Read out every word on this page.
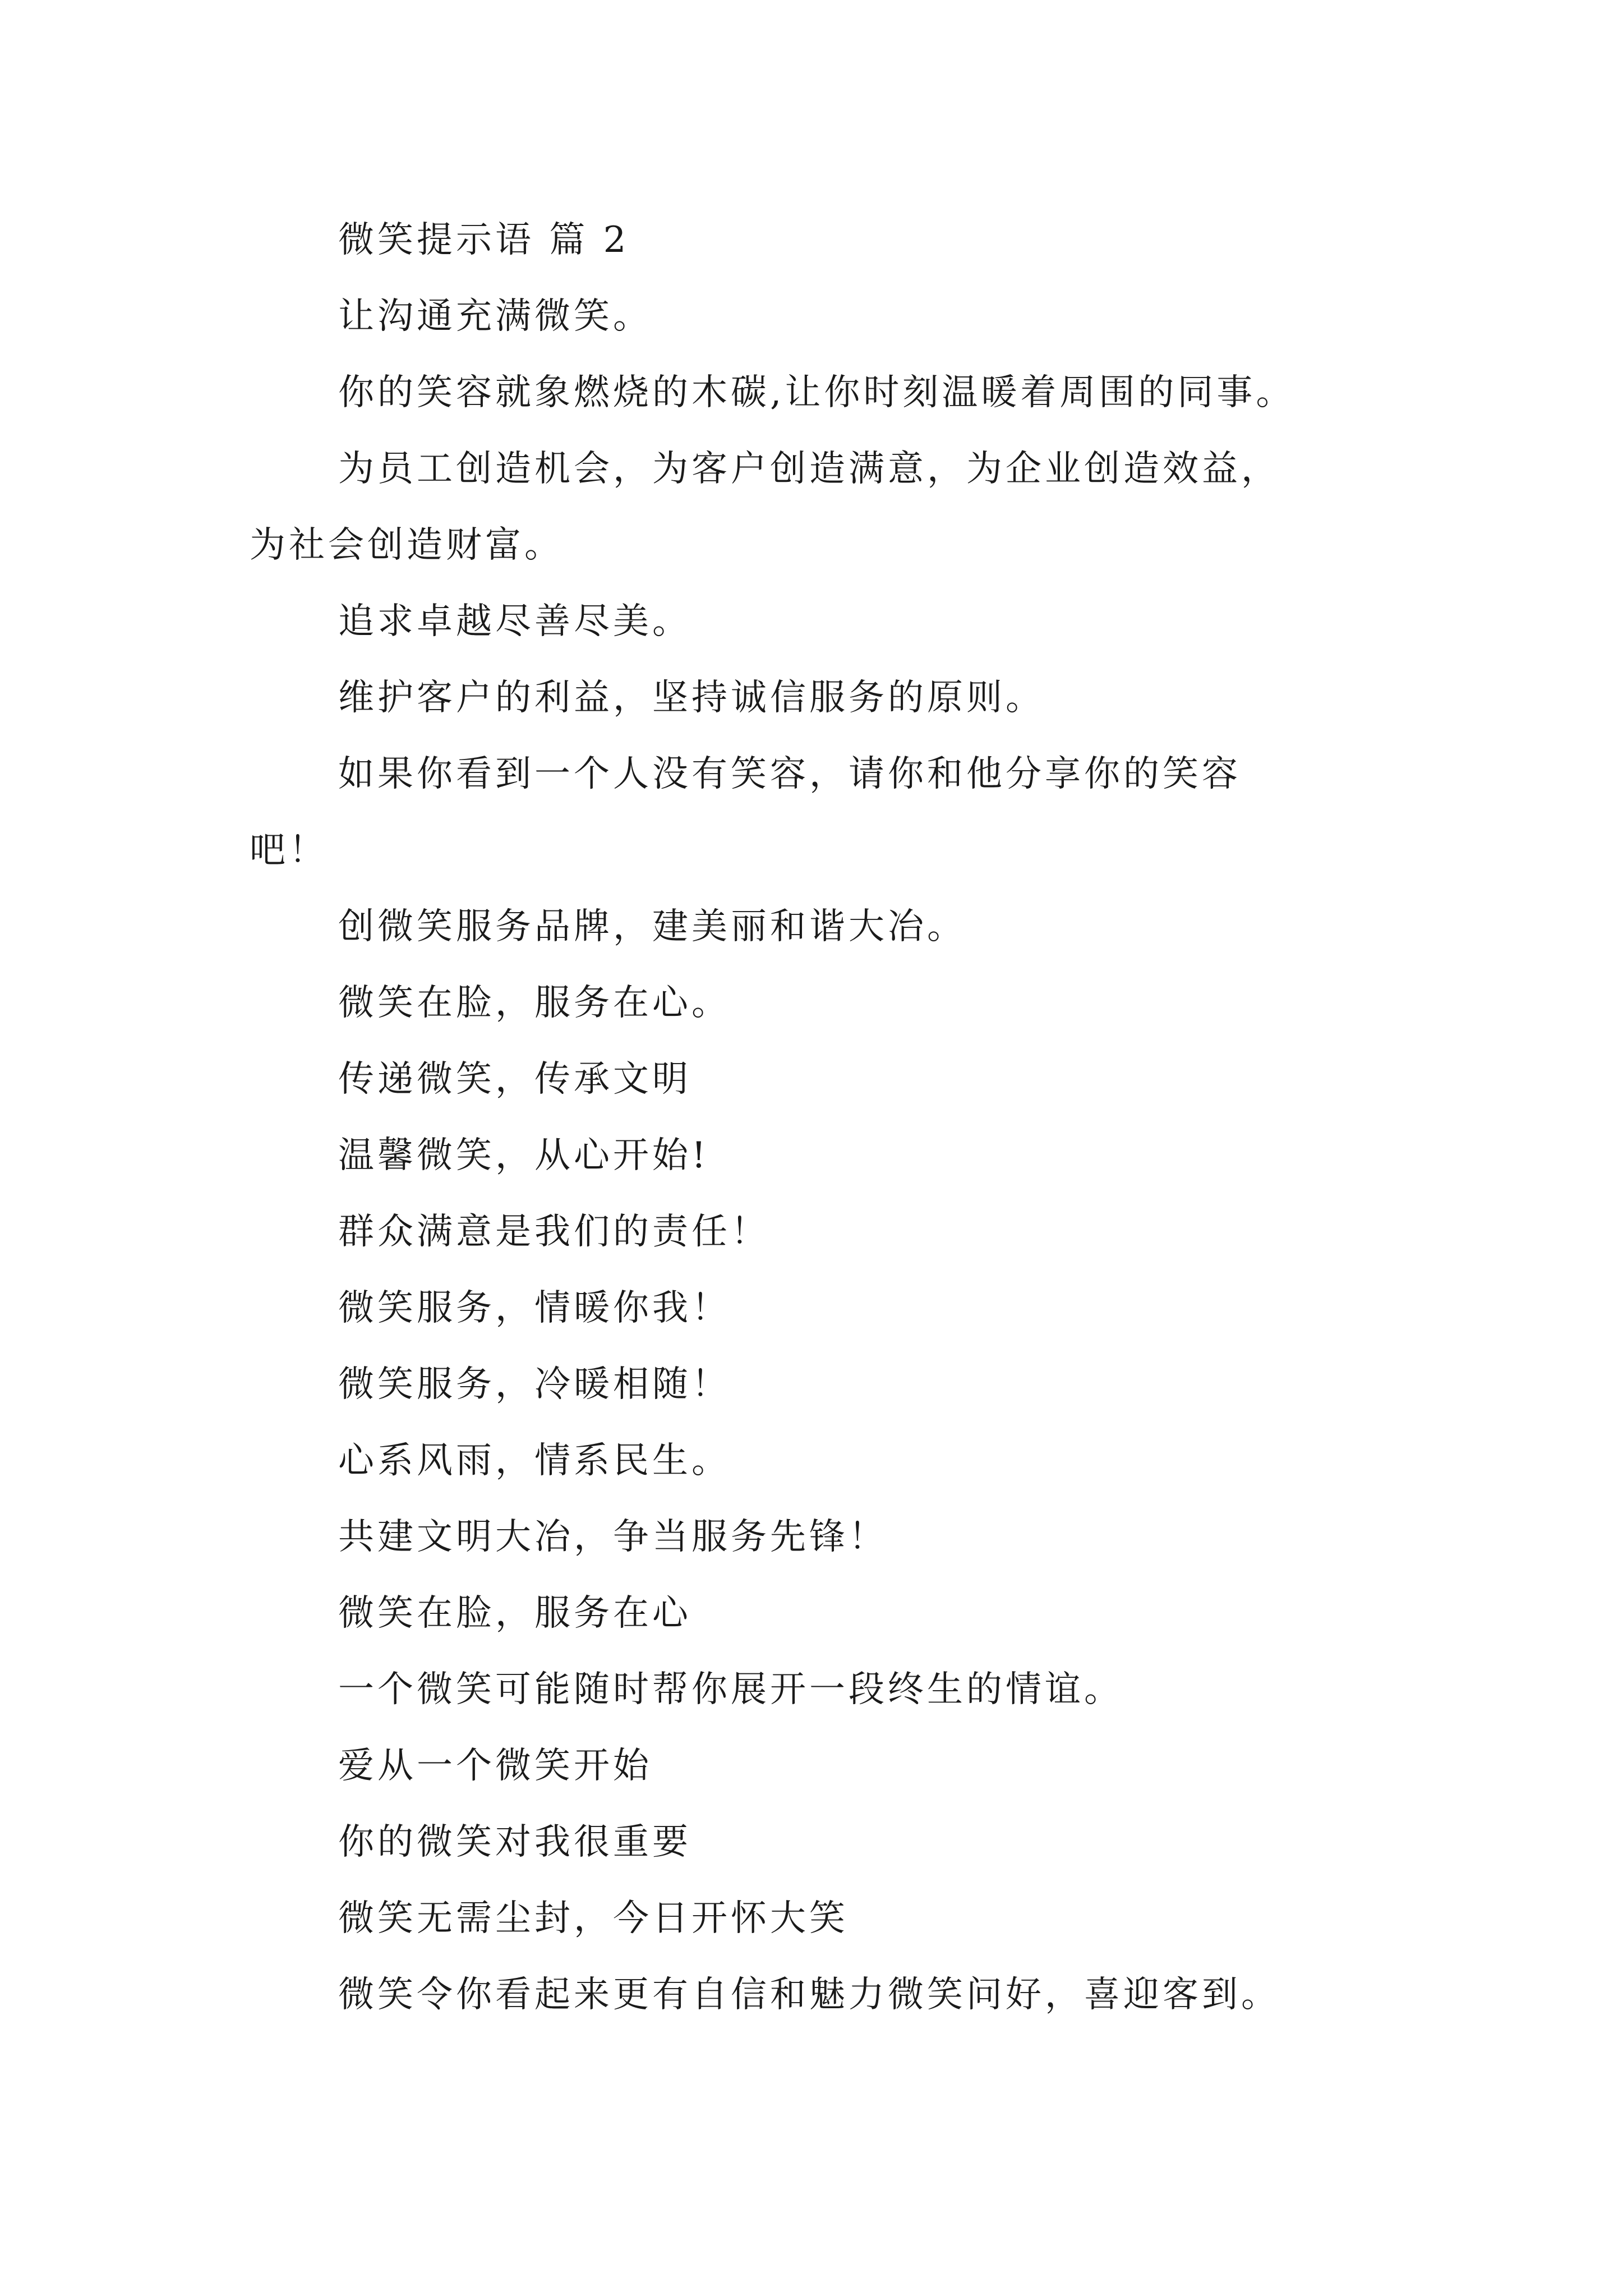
微笑提示语 篇 2
让沟通充满微笑。
你的笑容就象燃烧的木碳,让你时刻温暖着周围的同事。
为员工创造机会，为客户创造满意，为企业创造效益，
为社会创造财富。
追求卓越尽善尽美。
维护客户的利益，坚持诚信服务的原则。
如果你看到一个人没有笑容，请你和他分享你的笑容
吧！
创微笑服务品牌，建美丽和谐大冶。
微笑在脸，服务在心。
传递微笑，传承文明
温馨微笑，从心开始!
群众满意是我们的责任！
微笑服务，情暖你我！
微笑服务，冷暖相随！
心系风雨，情系民生。
共建文明大冶，争当服务先锋！
微笑在脸，服务在心
一个微笑可能随时帮你展开一段终生的情谊。
爱从一个微笑开始
你的微笑对我很重要
微笑无需尘封，今日开怀大笑
微笑令你看起来更有自信和魅力微笑问好，喜迎客到。
